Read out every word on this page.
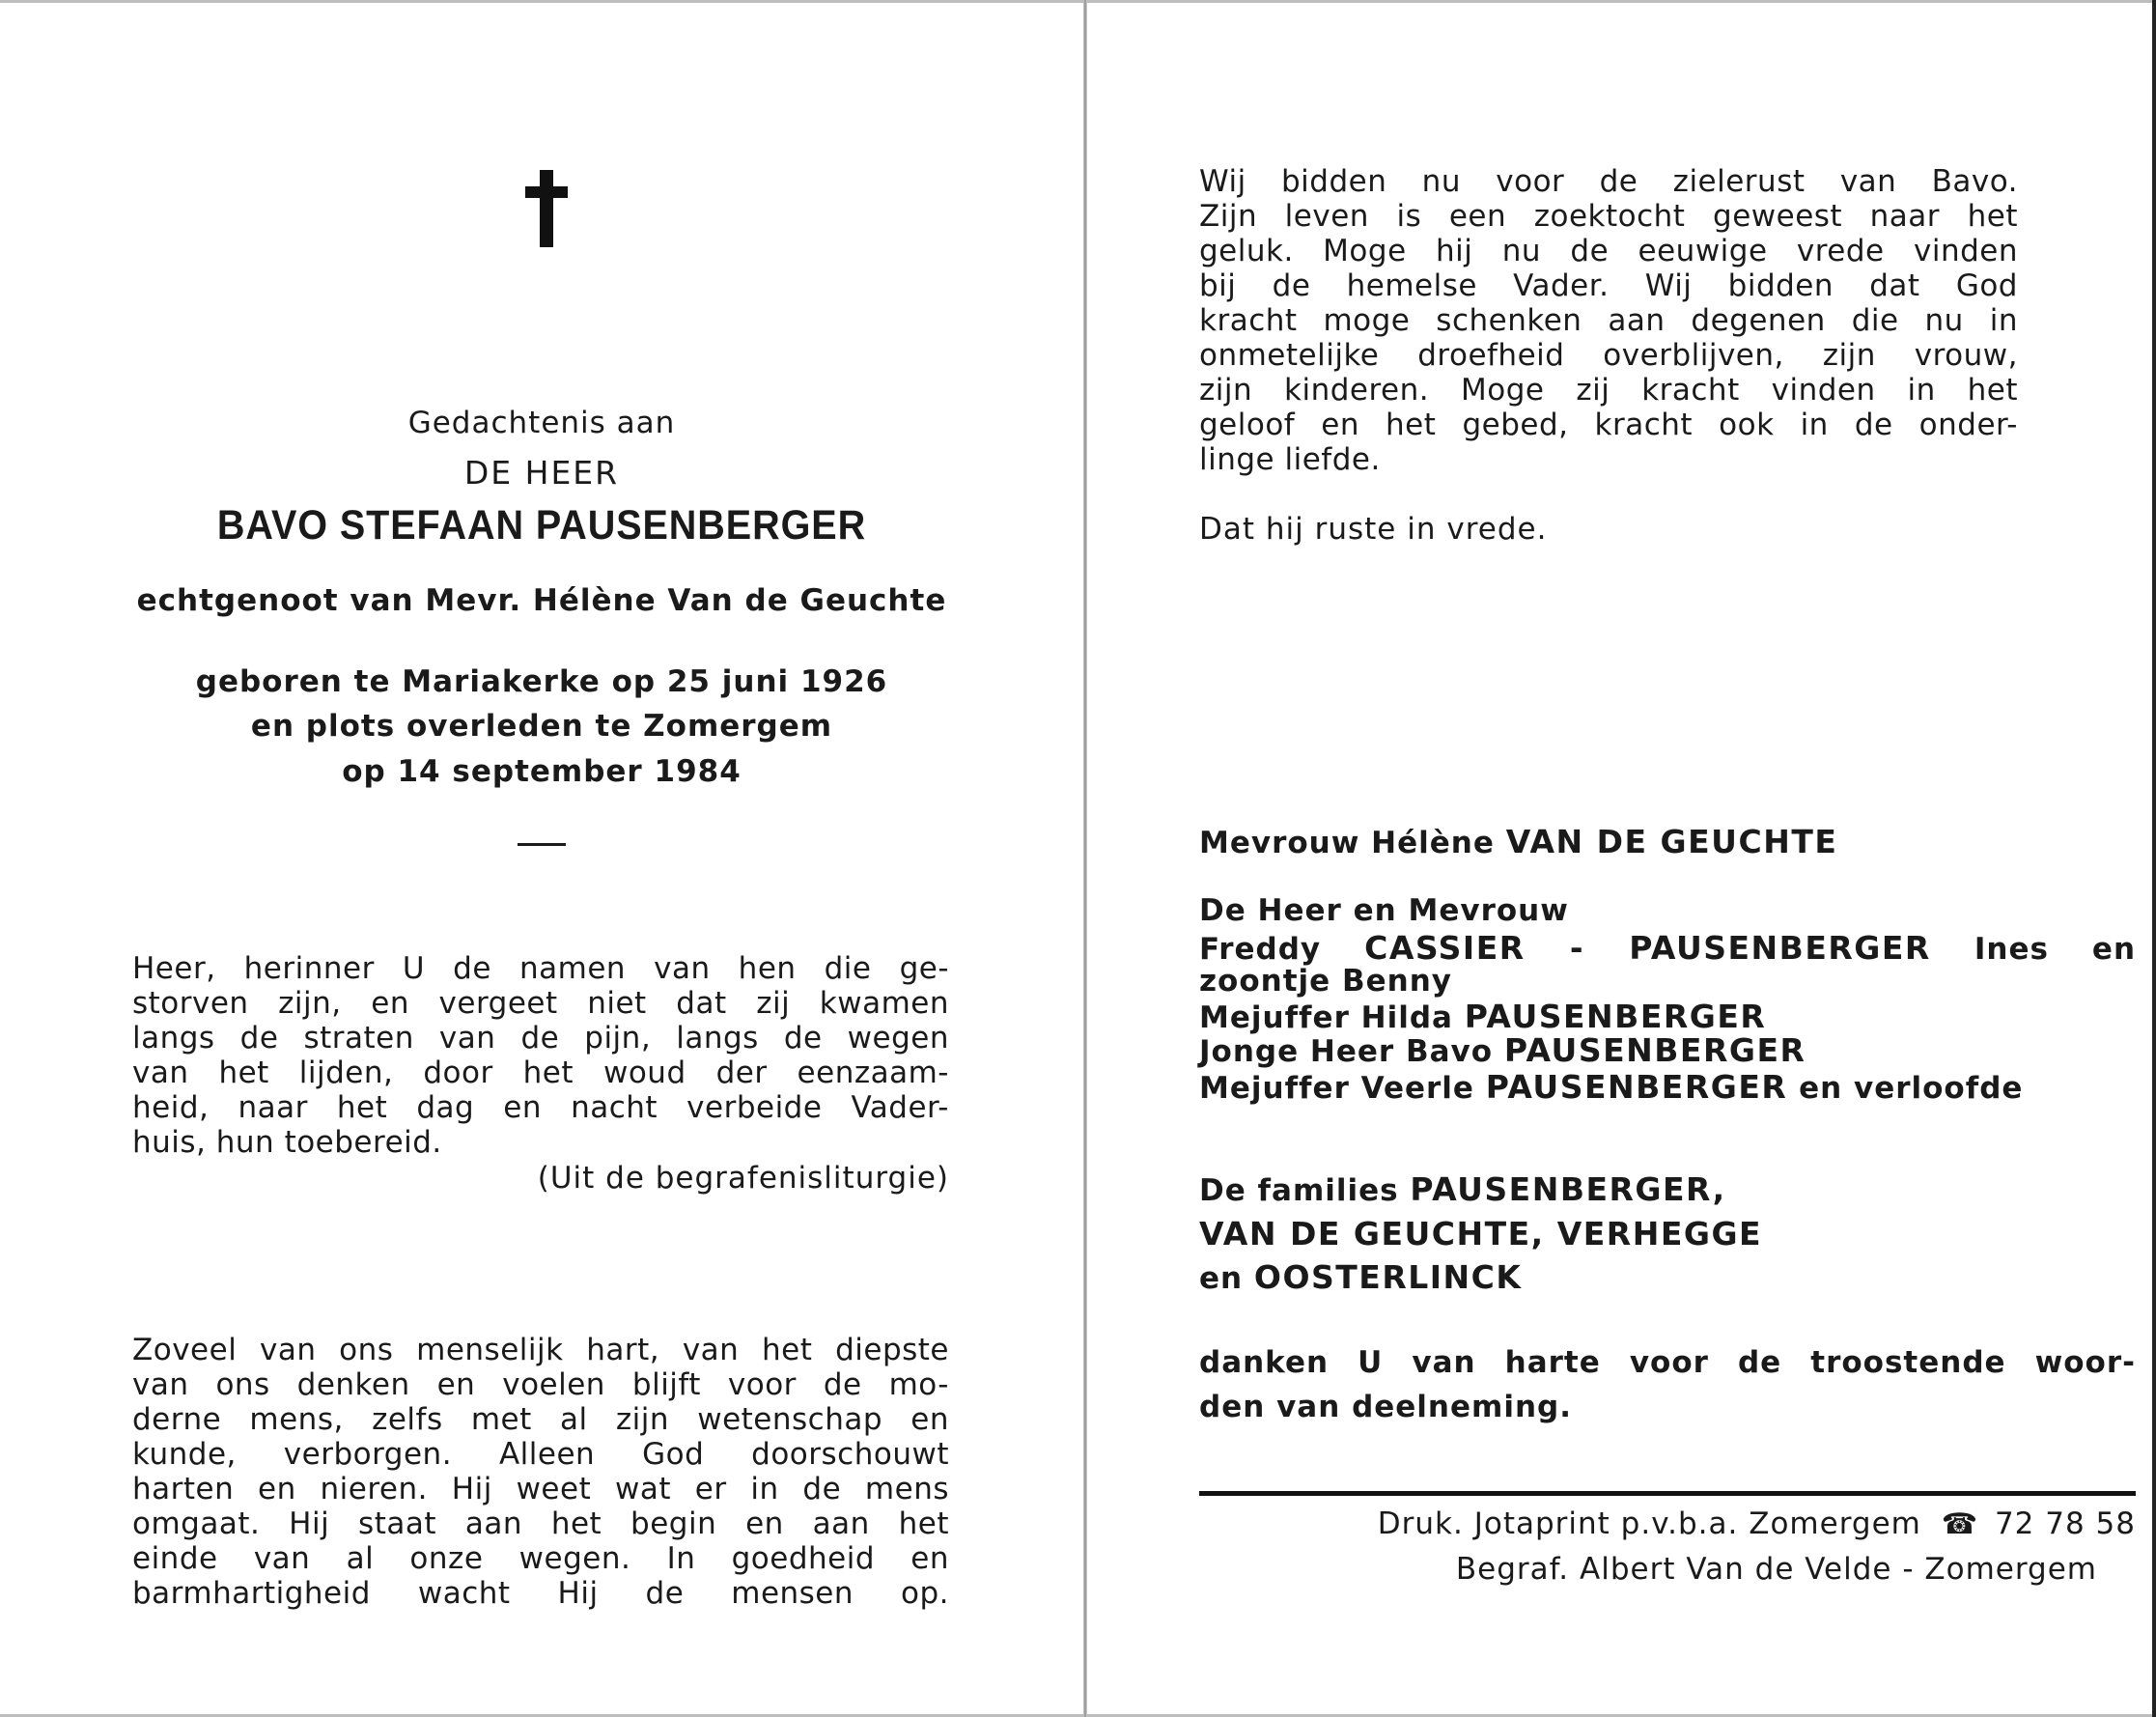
Gedachtenis aan
DE HEER
BAVO STEFAAN PAUSENBERGER
echtgenoot van Mevr. Hélène Van de Geuchte
geboren te Mariakerke op 25 juni 1926
en plots overleden te Zomergem
op 14 september 1984
Heer, herinner U de namen van hen die ge-
storven zijn, en vergeet niet dat zij kwamen
langs de straten van de pijn, langs de wegen
van het lijden, door het woud der eenzaam-
heid, naar het dag en nacht verbeide Vader-
huis, hun toebereid.
(Uit de begrafenisliturgie)
Zoveel van ons menselijk hart, van het diepste
van ons denken en voelen blijft voor de mo-
derne mens, zelfs met al zijn wetenschap en
kunde, verborgen. Alleen God doorschouwt
harten en nieren. Hij weet wat er in de mens
omgaat. Hij staat aan het begin en aan het
einde van al onze wegen. In goedheid en
barmhartigheid wacht Hij de mensen op.
Wij bidden nu voor de zielerust van Bavo.
Zijn leven is een zoektocht geweest naar het
geluk. Moge hij nu de eeuwige vrede vinden
bij de hemelse Vader. Wij bidden dat God
kracht moge schenken aan degenen die nu in
onmetelijke droefheid overblijven, zijn vrouw,
zijn kinderen. Moge zij kracht vinden in het
geloof en het gebed, kracht ook in de onder-
linge liefde.
Dat hij ruste in vrede.
Mevrouw Hélène VAN DE GEUCHTE
De Heer en Mevrouw
Freddy CASSIER - PAUSENBERGER Ines en
zoontje Benny
Mejuffer Hilda PAUSENBERGER
Jonge Heer Bavo PAUSENBERGER
Mejuffer Veerle PAUSENBERGER en verloofde
De families PAUSENBERGER,
VAN DE GEUCHTE, VERHEGGE
en OOSTERLINCK
danken U van harte voor de troostende woor-
den van deelneming.
Druk. Jotaprint p.v.b.a. Zomergem ☎ 72 78 58
Begraf. Albert Van de Velde - Zomergem
